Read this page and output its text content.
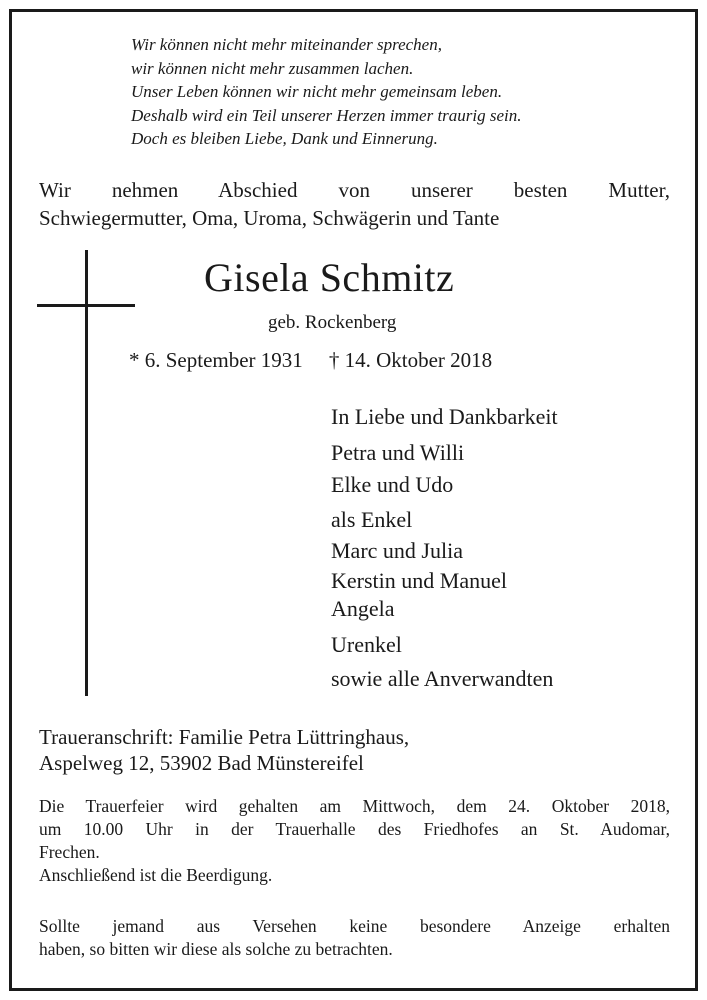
Wir können nicht mehr miteinander sprechen,
wir können nicht mehr zusammen lachen.
Unser Leben können wir nicht mehr gemeinsam leben.
Deshalb wird ein Teil unserer Herzen immer traurig sein.
Doch es bleiben Liebe, Dank und Einnerung.
Wir nehmen Abschied von unserer besten Mutter,
Schwiegermutter, Oma, Uroma, Schwägerin und Tante
Gisela Schmitz
geb. Rockenberg
* 6. September 1931 † 14. Oktober 2018
In Liebe und Dankbarkeit
Petra und Willi
Elke und Udo
als Enkel
Marc und Julia
Kerstin und Manuel
Angela
Urenkel
sowie alle Anverwandten
Traueranschrift: Familie Petra Lüttringhaus,
Aspelweg 12, 53902 Bad Münstereifel
Die Trauerfeier wird gehalten am Mittwoch, dem 24. Oktober 2018,
um 10.00 Uhr in der Trauerhalle des Friedhofes an St. Audomar,
Frechen.
Anschließend ist die Beerdigung.
Sollte jemand aus Versehen keine besondere Anzeige erhalten
haben, so bitten wir diese als solche zu betrachten.
